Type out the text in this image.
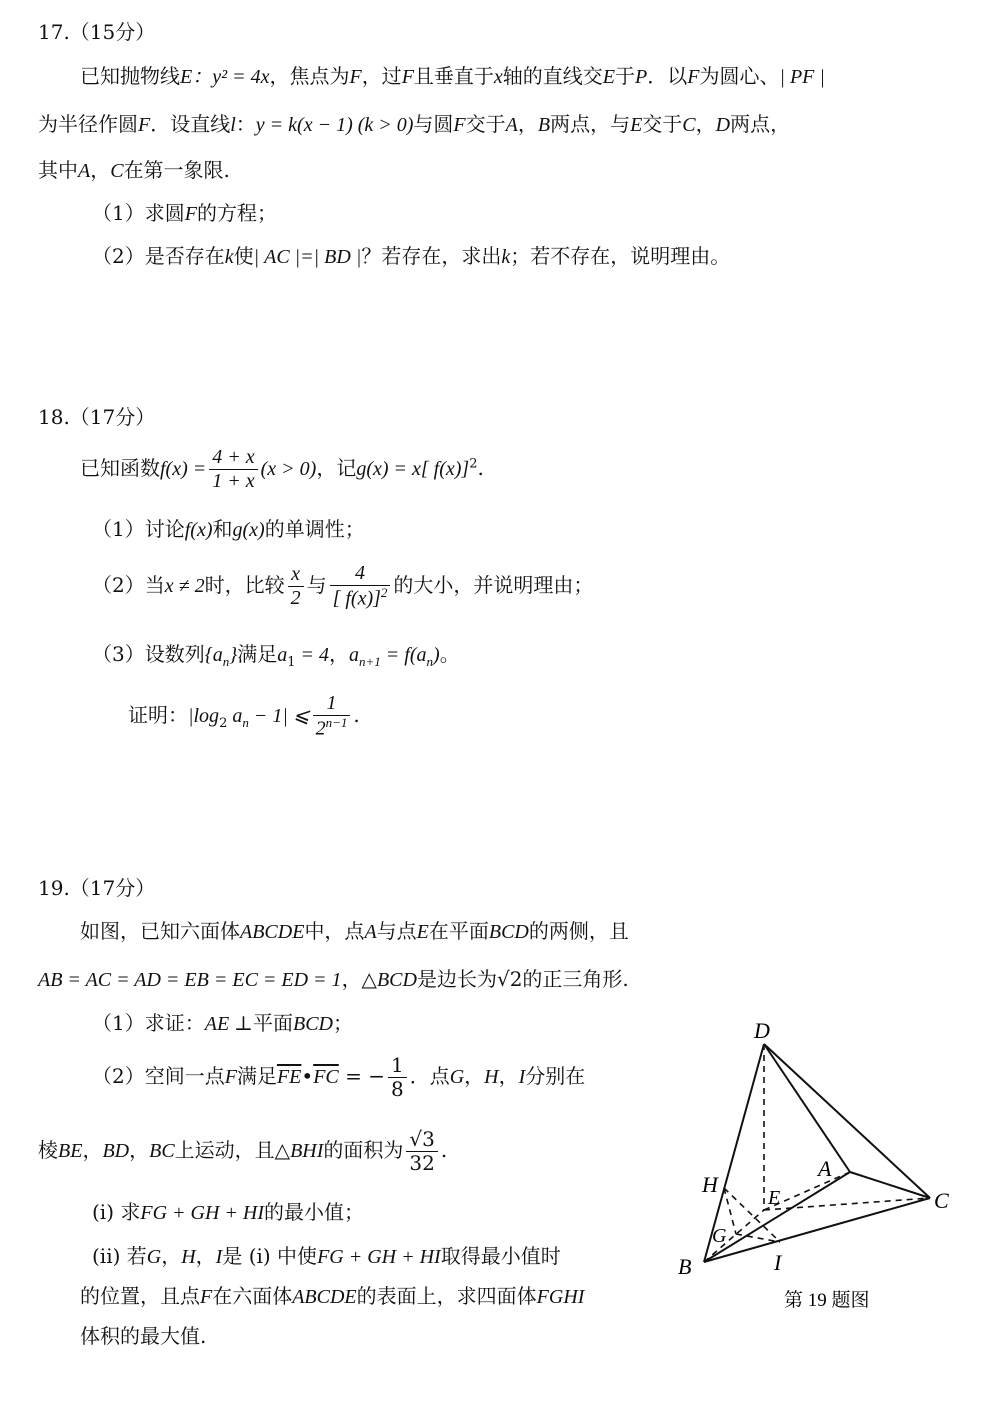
17.（15分）
已知抛物线E：y² = 4x，焦点为F，过F且垂直于x轴的直线交E于P．以F为圆心、| PF |
为半径作圆F．设直线l：y = k(x − 1) (k > 0)与圆F交于A，B两点，与E交于C，D两点，
其中A，C在第一象限.
（1）求圆F的方程；
（2）是否存在k使| AC |=| BD |？若存在，求出k；若不存在，说明理由。
18.（17分）
已知函数$f(x) = \frac{4 + x}{1 + x} (x > 0)$，记g(x) = x[ f(x)]$^2$.
（1）讨论f(x)和g(x)的单调性；
（2）当x ≠ 2时，比较 $\frac{x}{2}$ 与 $\frac{4}{[ f(x)]^2}$ 的大小，并说明理由；
（3）设数列$\{a_n\}$满足$a_1 = 4$，$a_{n+1} = f(a_n)$。
证明：$|\log_2$ $a_n - 1|$ ⩽ $\frac{1}{2^{n-1}}$ .
19.（17分）
如图，已知六面体ABCDE中，点A与点E在平面BCD的两侧，且
AB = AC = AD = EB = EC = ED = 1，△BCD是边长为√2的正三角形.
（1）求证：AE ⊥平面BCD；
（2）空间一点F满足$\overline{FE}•\overline{FC}$ = − $\frac{1}{8}$ ．点G，H，I分别在
棱BE，BD，BC上运动，且△BHI的面积为 $\frac{√3}{32}$ .
(i) 求FG + GH + HI的最小值；
(ii) 若G，H，I是 (i) 中使FG + GH + HI取得最小值时
的位置，且点F在六面体ABCDE的表面上，求四面体FGHI
体积的最大值.
D
A
E
H
G
B	I
C
第 19 题图
